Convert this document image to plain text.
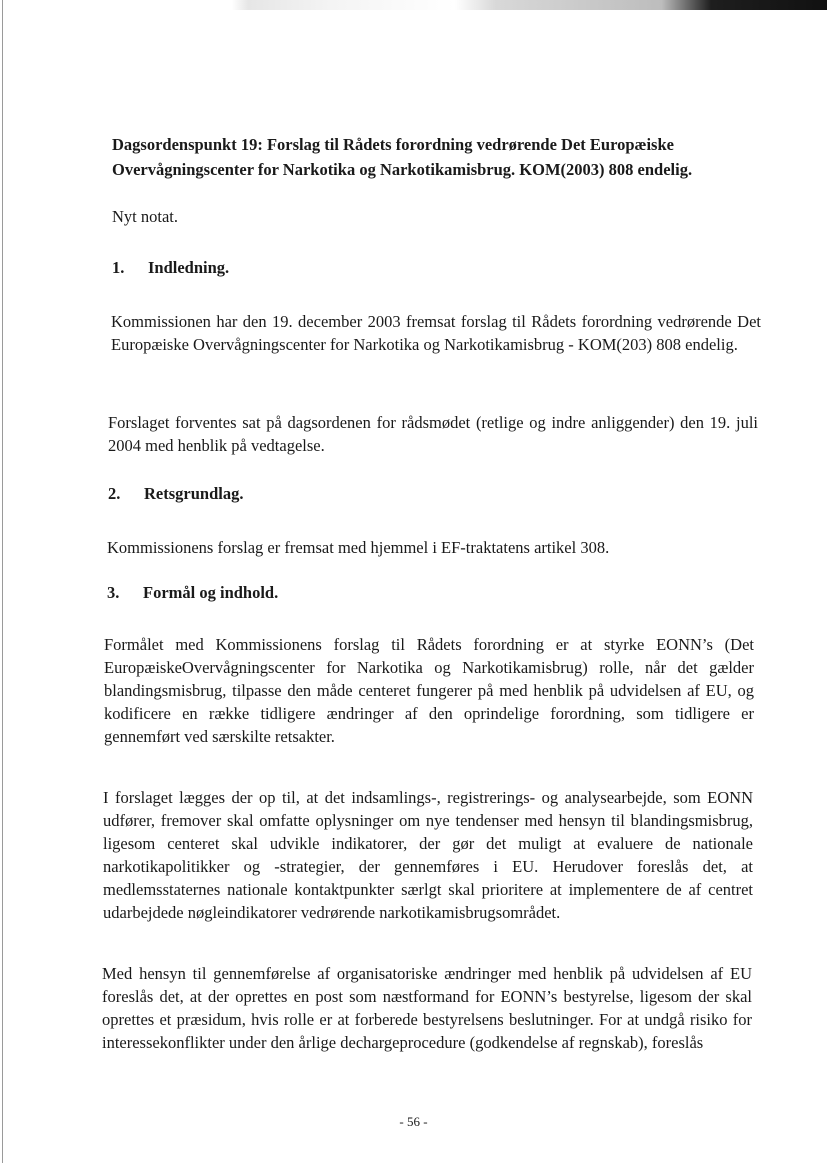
Dagsordenspunkt 19: Forslag til Rådets forordning vedrørende Det Europæiske Overvågningscenter for Narkotika og Narkotikamisbrug. KOM(2003) 808 endelig.
Nyt notat.
1. Indledning.
Kommissionen har den 19. december 2003 fremsat forslag til Rådets forordning vedrørende Det Europæiske Overvågningscenter for Narkotika og Narkotikamisbrug - KOM(203) 808 endelig.
Forslaget forventes sat på dagsordenen for rådsmødet (retlige og indre anliggender) den 19. juli 2004 med henblik på vedtagelse.
2. Retsgrundlag.
Kommissionens forslag er fremsat med hjemmel i EF-traktatens artikel 308.
3. Formål og indhold.
Formålet med Kommissionens forslag til Rådets forordning er at styrke EONN’s (Det EuropæiskeOvervågningscenter for Narkotika og Narkotikamisbrug) rolle, når det gælder blandingsmisbrug, tilpasse den måde centeret fungerer på med henblik på udvidelsen af EU, og kodificere en række tidligere ændringer af den oprindelige forordning, som tidligere er gennemført ved særskilte retsakter.
I forslaget lægges der op til, at det indsamlings-, registrerings- og analysearbejde, som EONN udfører, fremover skal omfatte oplysninger om nye tendenser med hensyn til blandingsmisbrug, ligesom centeret skal udvikle indikatorer, der gør det muligt at evaluere de nationale narkotikapolitikker og -strategier, der gennemføres i EU. Herudover foreslås det, at medlemsstaternes nationale kontaktpunkter særlgt skal prioritere at implementere de af centret udarbejdede nøgleindikatorer vedrørende narkotikamisbrugsområdet.
Med hensyn til gennemførelse af organisatoriske ændringer med henblik på udvidelsen af EU foreslås det, at der oprettes en post som næstformand for EONN’s bestyrelse, ligesom der skal oprettes et præsidum, hvis rolle er at forberede bestyrelsens beslutninger. For at undgå risiko for interessekonflikter under den årlige dechargeprocedure (godkendelse af regnskab), foreslås
- 56 -
